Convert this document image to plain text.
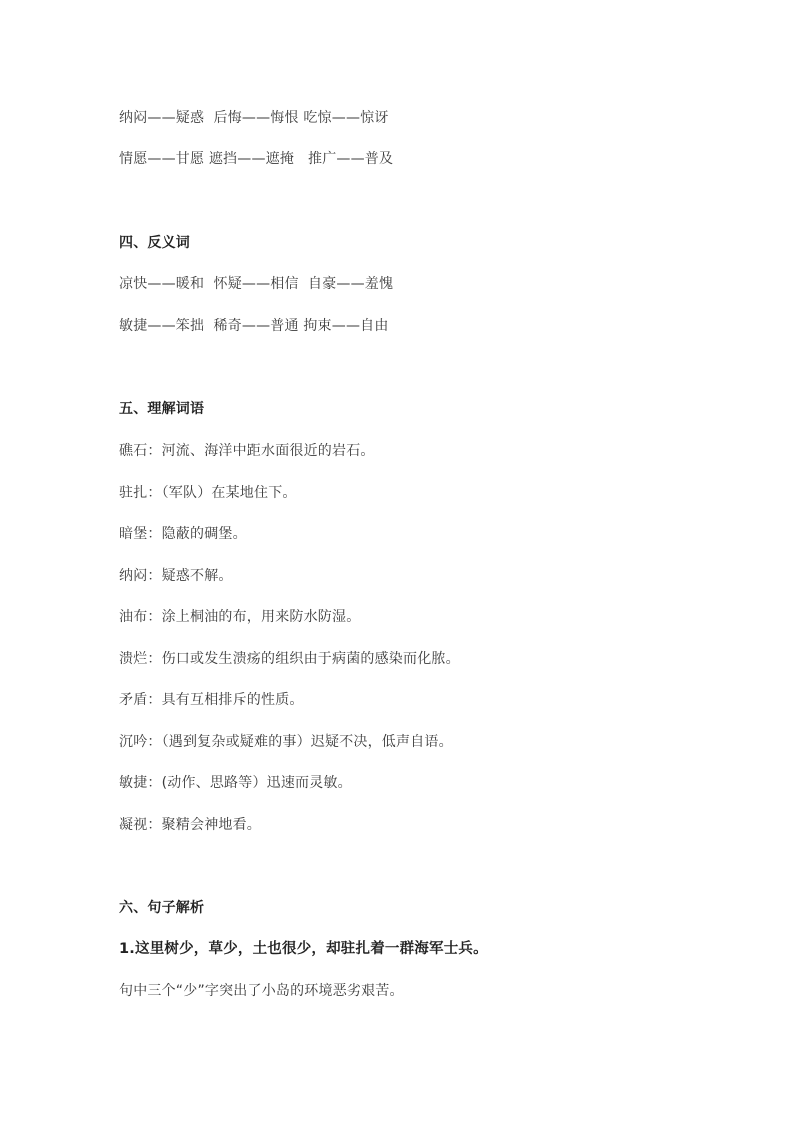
纳闷——疑惑  后悔——悔恨 吃惊——惊讶
情愿——甘愿 遮挡——遮掩   推广——普及
四、反义词
凉快——暖和  怀疑——相信  自豪——羞愧
敏捷——笨拙  稀奇——普通 拘束——自由
五、理解词语
礁石：河流、海洋中距水面很近的岩石。
驻扎：（军队）在某地住下。
暗堡：隐蔽的碉堡。
纳闷：疑惑不解。
油布：涂上桐油的布，用来防水防湿。
溃烂：伤口或发生溃疡的组织由于病菌的感染而化脓。
矛盾：具有互相排斥的性质。
沉吟：（遇到复杂或疑难的事）迟疑不决，低声自语。
敏捷：(动作、思路等）迅速而灵敏。
凝视：聚精会神地看。
六、句子解析
1.这里树少，草少，土也很少，却驻扎着一群海军士兵。
句中三个“少”字突出了小岛的环境恶劣艰苦。
